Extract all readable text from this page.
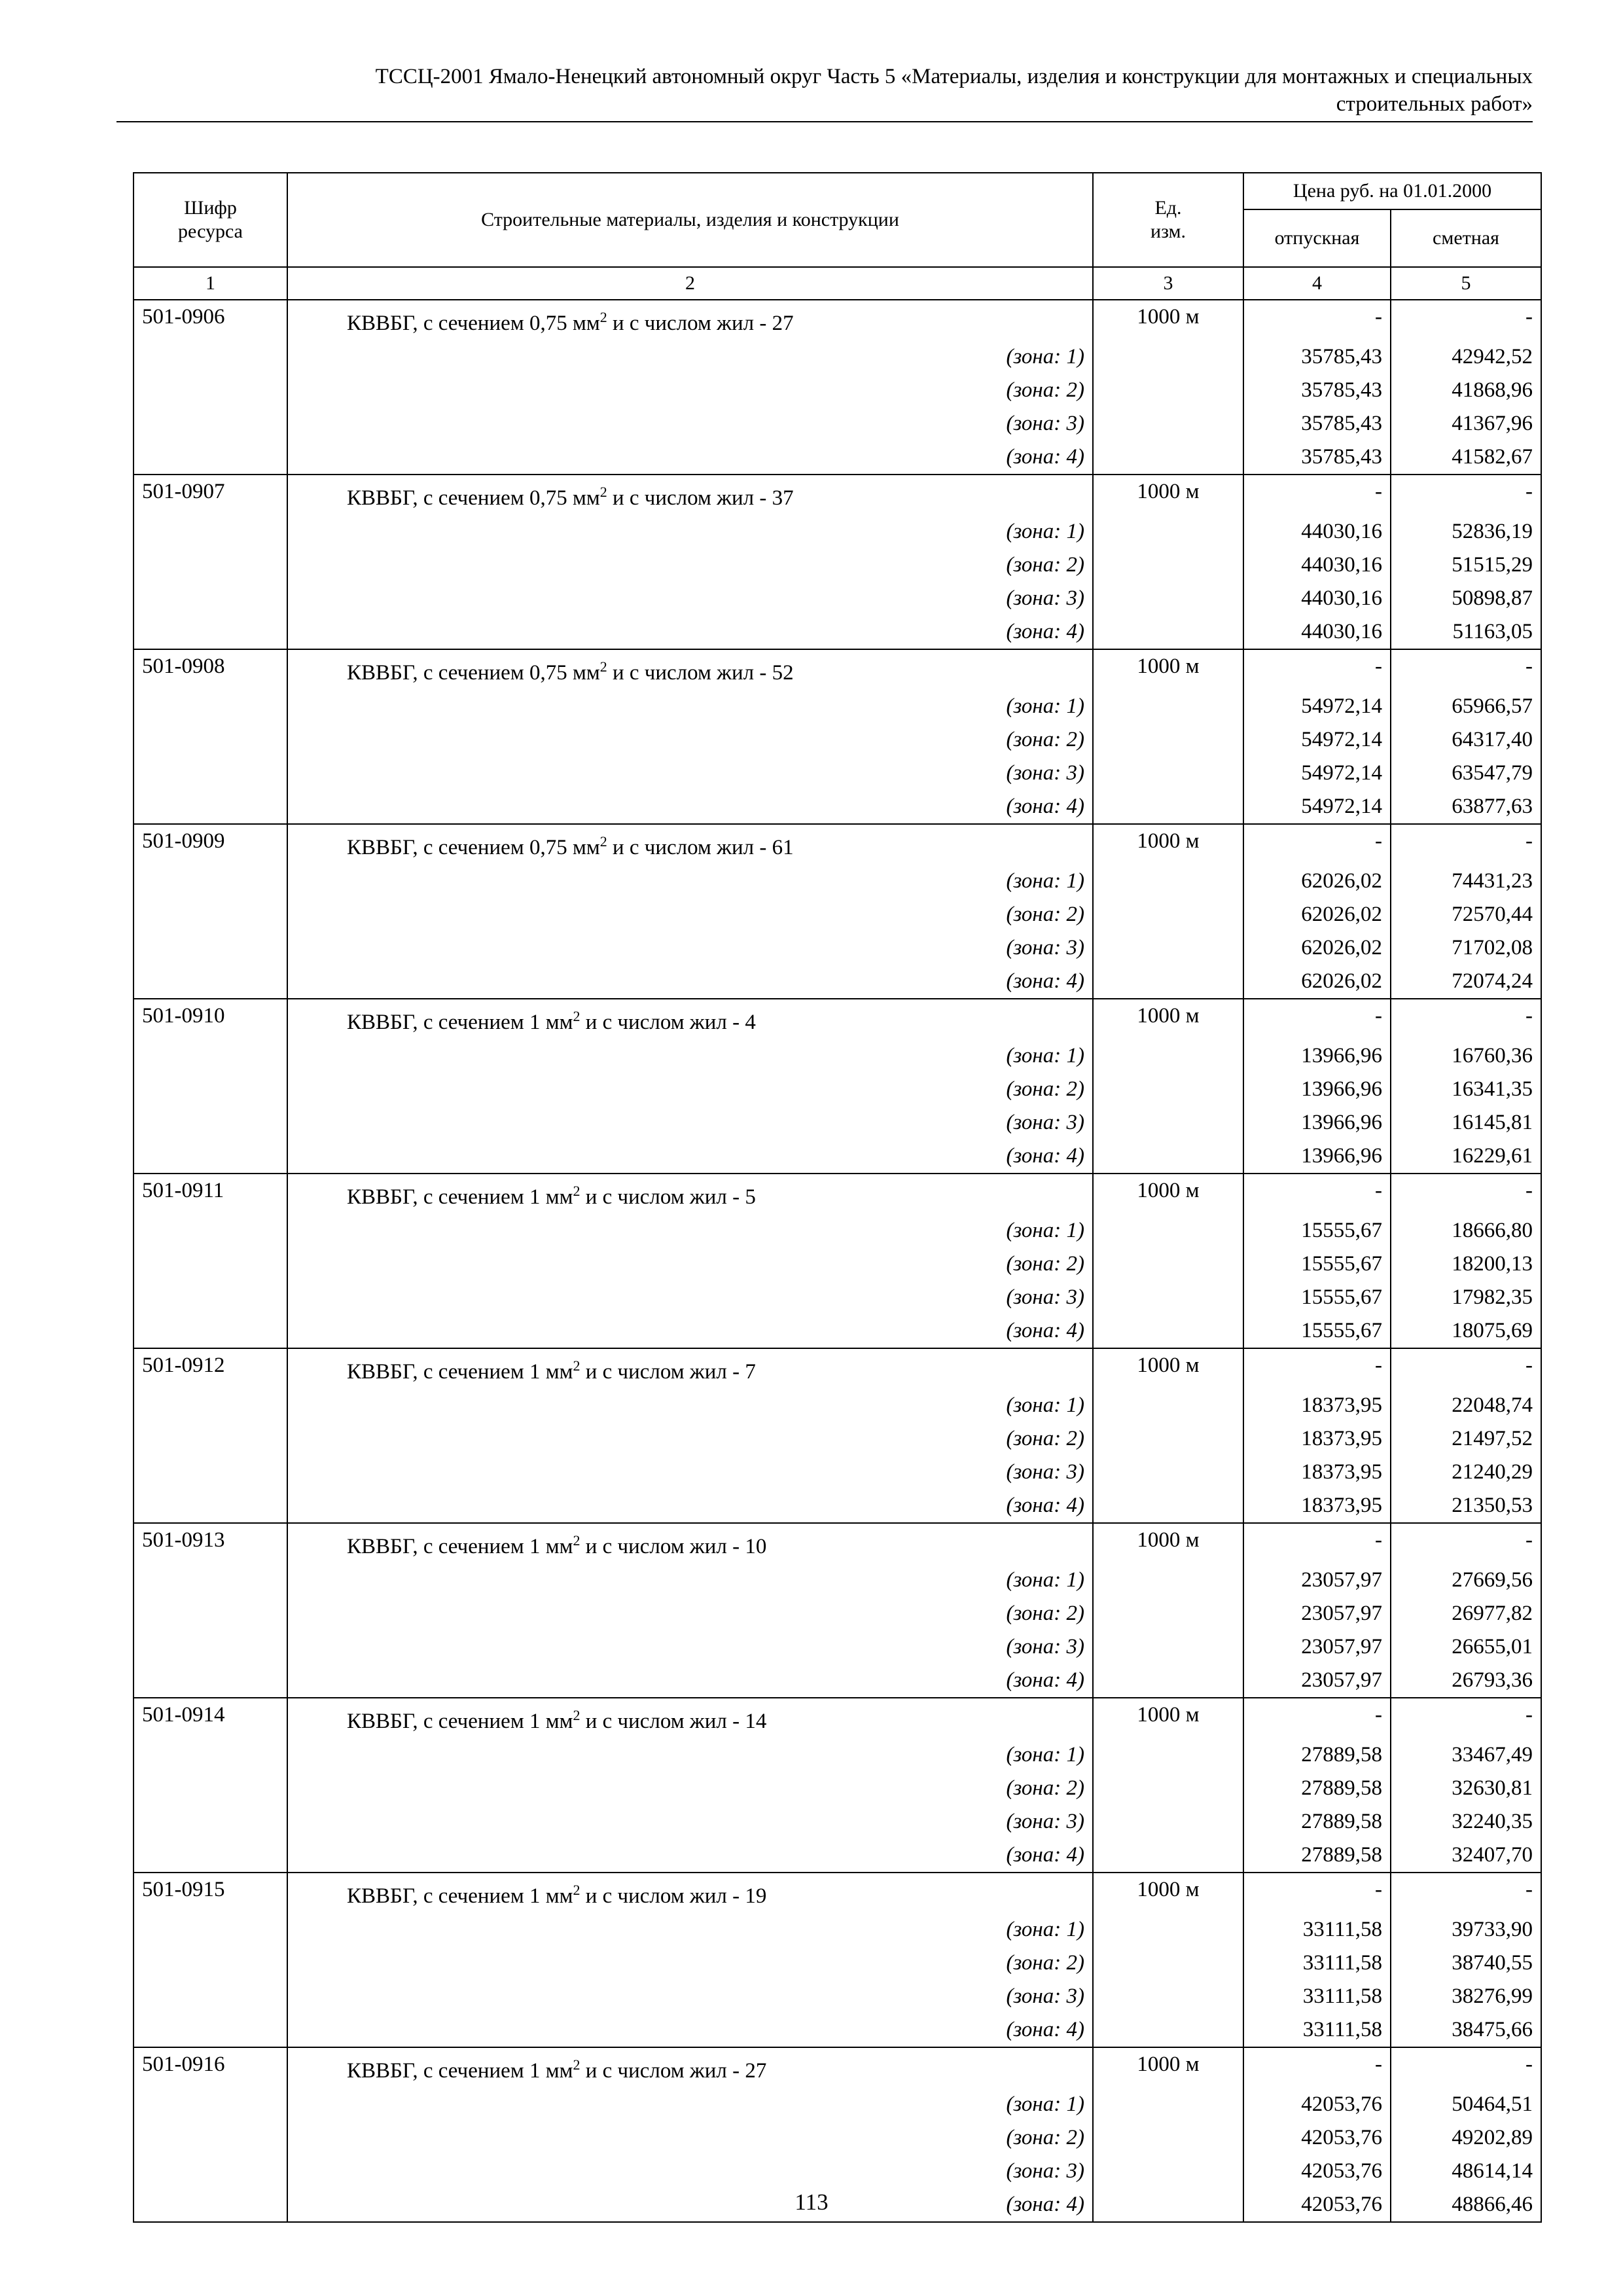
ТССЦ-2001 Ямало-Ненецкий автономный округ Часть 5 «Материалы, изделия и конструкции для монтажных и специальных
строительных работ»
Шифр ресурса	Строительные материалы, изделия и конструкции	Ед. изм.	Цена руб. на 01.01.2000	
			отпускная	сметная
1	2	3	4	5
501-0906	КВВБГ, с сечением 0,75 $мм^2$ и с числом жил - 27	1000 м	-	-
	(зона: 1)		35785,43	42942,52
	(зона: 2)		35785,43	41868,96
	(зона: 3)		35785,43	41367,96
	(зона: 4)		35785,43	41582,67
501-0907	КВВБГ, с сечением 0,75 $мм^2$ и с числом жил - 37	1000 м	-	-
	(зона: 1)		44030,16	52836,19
	(зона: 2)		44030,16	51515,29
	(зона: 3)		44030,16	50898,87
	(зона: 4)		44030,16	51163,05
501-0908	КВВБГ, с сечением 0,75 $мм^2$ и с числом жил - 52	1000 м	-	-
	(зона: 1)		54972,14	65966,57
	(зона: 2)		54972,14	64317,40
	(зона: 3)		54972,14	63547,79
	(зона: 4)		54972,14	63877,63
501-0909	КВВБГ, с сечением 0,75 $мм^2$ и с числом жил - 61	1000 м	-	-
	(зона: 1)		62026,02	74431,23
	(зона: 2)		62026,02	72570,44
	(зона: 3)		62026,02	71702,08
	(зона: 4)		62026,02	72074,24
501-0910	КВВБГ, с сечением 1 $мм^2$ и с числом жил - 4	1000 м	-	-
	(зона: 1)		13966,96	16760,36
	(зона: 2)		13966,96	16341,35
	(зона: 3)		13966,96	16145,81
	(зона: 4)		13966,96	16229,61
501-0911	КВВБГ, с сечением 1 $мм^2$ и с числом жил - 5	1000 м	-	-
	(зона: 1)		15555,67	18666,80
	(зона: 2)		15555,67	18200,13
	(зона: 3)		15555,67	17982,35
	(зона: 4)		15555,67	18075,69
501-0912	КВВБГ, с сечением 1 $мм^2$ и с числом жил - 7	1000 м	-	-
	(зона: 1)		18373,95	22048,74
	(зона: 2)		18373,95	21497,52
	(зона: 3)		18373,95	21240,29
	(зона: 4)		18373,95	21350,53
501-0913	КВВБГ, с сечением 1 $мм^2$ и с числом жил - 10	1000 м	-	-
	(зона: 1)		23057,97	27669,56
	(зона: 2)		23057,97	26977,82
	(зона: 3)		23057,97	26655,01
	(зона: 4)		23057,97	26793,36
501-0914	КВВБГ, с сечением 1 $мм^2$ и с числом жил - 14	1000 м	-	-
	(зона: 1)		27889,58	33467,49
	(зона: 2)		27889,58	32630,81
	(зона: 3)		27889,58	32240,35
	(зона: 4)		27889,58	32407,70
501-0915	КВВБГ, с сечением 1 $мм^2$ и с числом жил - 19	1000 м	-	-
	(зона: 1)		33111,58	39733,90
	(зона: 2)		33111,58	38740,55
	(зона: 3)		33111,58	38276,99
	(зона: 4)		33111,58	38475,66
501-0916	КВВБГ, с сечением 1 $мм^2$ и с числом жил - 27	1000 м	-	-
	(зона: 1)		42053,76	50464,51
	(зона: 2)		42053,76	49202,89
	(зона: 3)		42053,76	48614,14
	(зона: 4)		42053,76	48866,46
113
